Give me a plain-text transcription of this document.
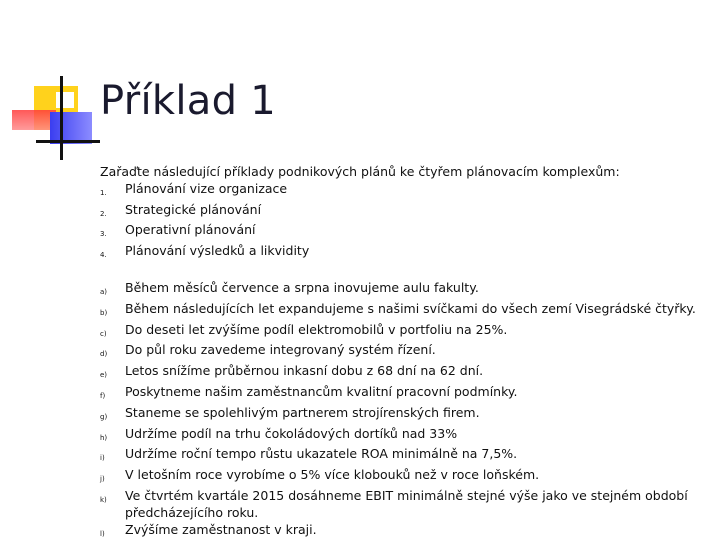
Příklad 1

Zařaďte následující příklady podnikových plánů ke čtyřem plánovacím komplexům:

1.	Plánování vize organizace
2.	Strategické plánování
3.	Operativní plánování
4.	Plánování výsledků a likvidity
a)	Během měsíců července a srpna inovujeme aulu fakulty.
b)	Během následujících let expandujeme s našimi svíčkami do všech zemí Visegrádské čtyřky.
c)	Do deseti let zvýšíme podíl elektromobilů v portfoliu na 25%.
d)	Do půl roku zavedeme integrovaný systém řízení.
e)	Letos snížíme průběrnou inkasní dobu z 68 dní na 62 dní.
f)	Poskytneme našim zaměstnancům kvalitní pracovní podmínky.
g)	Staneme se spolehlivým partnerem strojírenských firem.
h)	Udržíme podíl na trhu čokoládových dortíků nad 33%
i)	Udržíme roční tempo růstu ukazatele ROA minimálně na 7,5%.
j)	V letošním roce vyrobíme o 5% více klobouků než v roce loňském.
k)	Ve čtvrtém kvartále 2015 dosáhneme EBIT minimálně stejné výše jako ve stejném období předcházejícího roku.
l)	Zvýšíme zaměstnanost v kraji.
